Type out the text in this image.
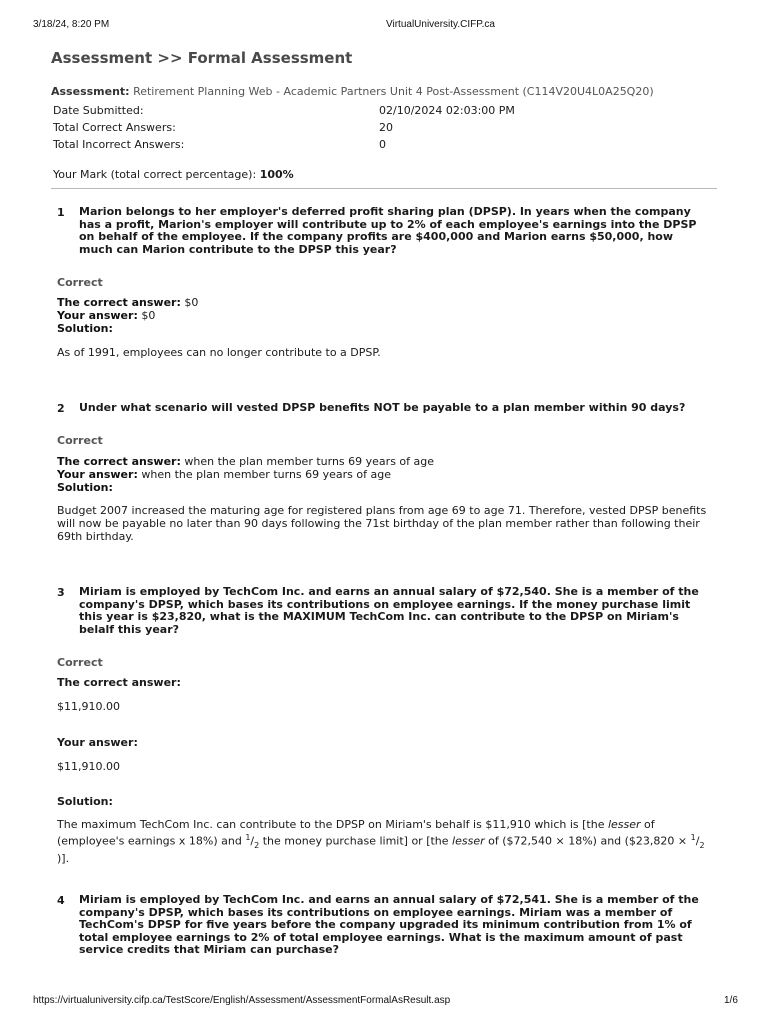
3/18/24, 8:20 PM	VirtualUniversity.CIFP.ca
Assessment >> Formal Assessment
Assessment: Retirement Planning Web - Academic Partners Unit 4 Post-Assessment (C114V20U4L0A25Q20)
Date Submitted:	02/10/2024 02:03:00 PM
Total Correct Answers:	20
Total Incorrect Answers:	0
Your Mark (total correct percentage): 100%
1 Marion belongs to her employer's deferred profit sharing plan (DPSP). In years when the company has a profit, Marion's employer will contribute up to 2% of each employee's earnings into the DPSP on behalf of the employee. If the company profits are $400,000 and Marion earns $50,000, how much can Marion contribute to the DPSP this year?
Correct
The correct answer: $0
Your answer: $0
Solution:
As of 1991, employees can no longer contribute to a DPSP.
2 Under what scenario will vested DPSP benefits NOT be payable to a plan member within 90 days?
Correct
The correct answer: when the plan member turns 69 years of age
Your answer: when the plan member turns 69 years of age
Solution:
Budget 2007 increased the maturing age for registered plans from age 69 to age 71. Therefore, vested DPSP benefits will now be payable no later than 90 days following the 71st birthday of the plan member rather than following their 69th birthday.
3 Miriam is employed by TechCom Inc. and earns an annual salary of $72,540. She is a member of the company's DPSP, which bases its contributions on employee earnings. If the money purchase limit this year is $23,820, what is the MAXIMUM TechCom Inc. can contribute to the DPSP on Miriam's belalf this year?
Correct
The correct answer:
$11,910.00
Your answer:
$11,910.00
Solution:
The maximum TechCom Inc. can contribute to the DPSP on Miriam's behalf is $11,910 which is [the lesser of (employee's earnings x 18%) and $^1/_2$ the money purchase limit] or [the lesser of ($72,540 × 18%) and ($23,820 × $^1/_2$ )].
4 Miriam is employed by TechCom Inc. and earns an annual salary of $72,541. She is a member of the company's DPSP, which bases its contributions on employee earnings. Miriam was a member of TechCom's DPSP for five years before the company upgraded its minimum contribution from 1% of total employee earnings to 2% of total employee earnings. What is the maximum amount of past service credits that Miriam can purchase?
https://virtualuniversity.cifp.ca/TestScore/English/Assessment/AssessmentFormalAsResult.asp	1/6
